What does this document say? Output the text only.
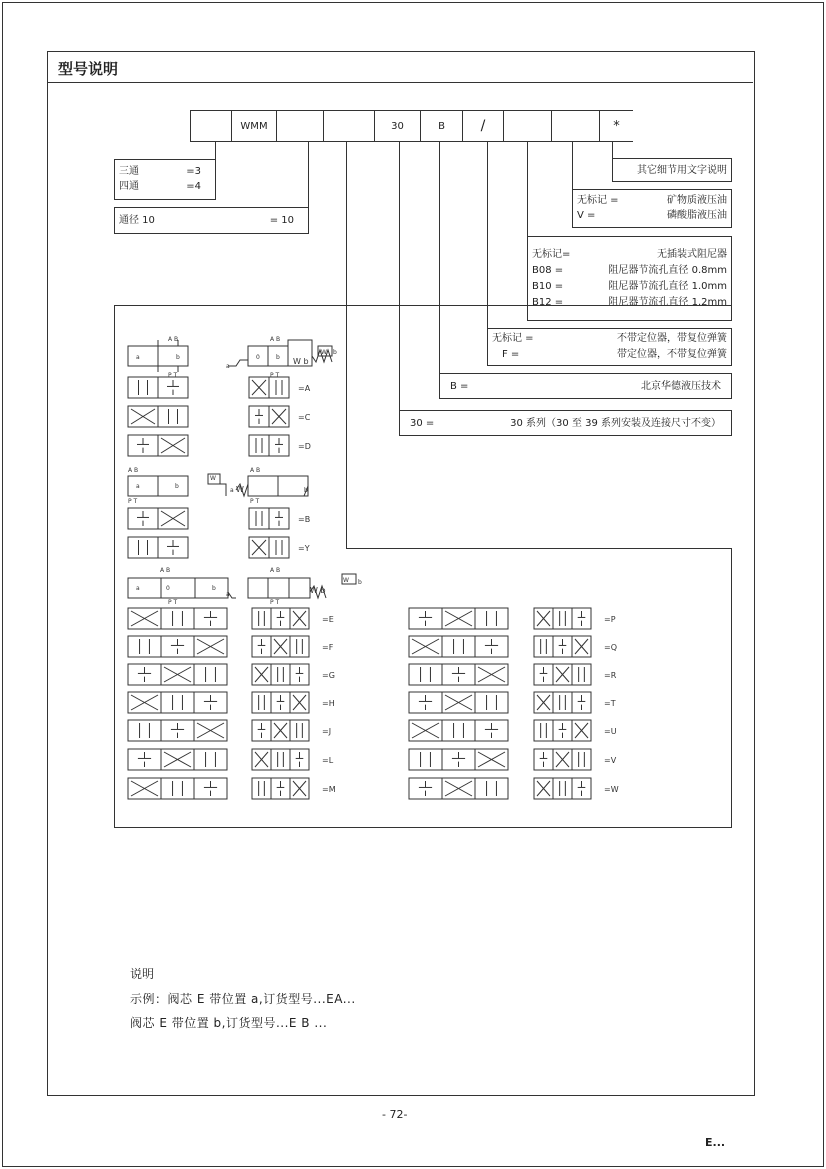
型号说明
WMM	30	B	/	*
三通	=3
四通	=4
通径 10	= 10
其它细节用文字说明
无标记 =	矿物质液压油
V =	磷酸脂液压油
无标记=	无插装式阻尼器
B08 =	阻尼器节流孔直径 0.8mm
B10 =	阻尼器节流孔直径 1.0mm
B12 =	阻尼器节流孔直径 1.2mm
无标记 =	不带定位器，带复位弹簧
F =	带定位器，不带复位弹簧
B =	北京华德液压技术
30 =	30 系列（30 至 39 系列安装及连接尺寸不变）
A B
P T
a	b
A B
P T
0	b
a
W b
W b
A B
P T
a	b
A B
P T
a	b
W
W
A B
P T
a	0	b
A B
P T
a
W b
W b
=A
=C
=D
=B
=Y
=E	=P
=F	=Q
=G	=R
=H	=T
=J	=U
=L	=V
=M	=W
说明
示例：阀芯 E 带位置 a,订货型号...EA...
阀芯 E 带位置 b,订货型号...E B ...
- 72-
E...
